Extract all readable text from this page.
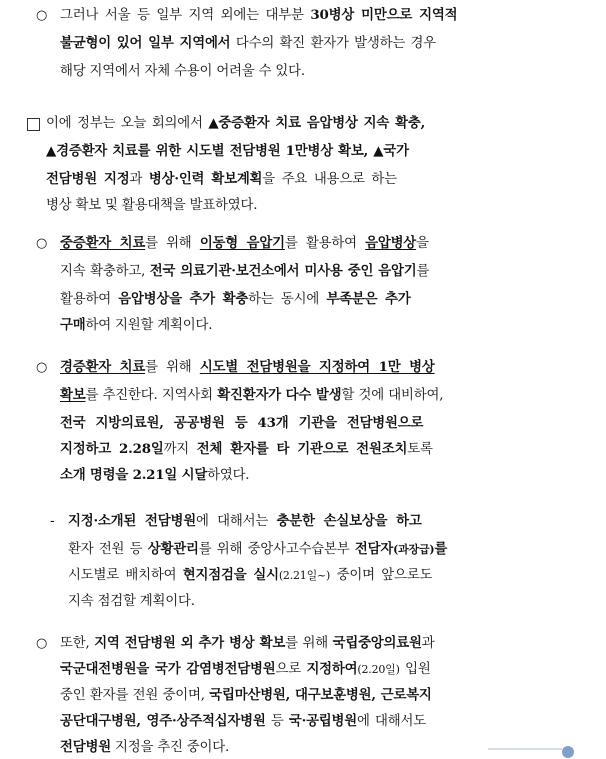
○ 그러나 서울 등 일부 지역 외에는 대부분 30병상 미만으로 지역적
불균형이 있어 일부 지역에서 다수의 확진 환자가 발생하는 경우
해당 지역에서 자체 수용이 어려울 수 있다.
이에 정부는 오늘 회의에서 ▲중증환자 치료 음압병상 지속 확충,
▲경증환자 치료를 위한 시도별 전담병원 1만병상 확보, ▲국가
전담병원 지정과 병상·인력 확보계획을 주요 내용으로 하는
병상 확보 및 활용대책을 발표하였다.
○ 중증환자 치료를 위해 이동형 음압기를 활용하여 음압병상을
지속 확충하고, 전국 의료기관·보건소에서 미사용 중인 음압기를
활용하여 음압병상을 추가 확충하는 동시에 부족분은 추가
구매하여 지원할 계획이다.
○ 경증환자 치료를 위해 시도별 전담병원을 지정하여 1만 병상
확보를 추진한다. 지역사회 확진환자가 다수 발생할 것에 대비하여,
전국 지방의료원, 공공병원 등 43개 기관을 전담병원으로
지정하고 2.28일까지 전체 환자를 타 기관으로 전원조치토록
소개 명령을 2.21일 시달하였다.
- 지정·소개된 전담병원에 대해서는 충분한 손실보상을 하고
환자 전원 등 상황관리를 위해 중앙사고수습본부 전담자(과장급)를
시도별로 배치하여 현지점검을 실시(2.21일~) 중이며 앞으로도
지속 점검할 계획이다.
○ 또한, 지역 전담병원 외 추가 병상 확보를 위해 국립중앙의료원과
국군대전병원을 국가 감염병전담병원으로 지정하여(2.20일) 입원
중인 환자를 전원 중이며, 국립마산병원, 대구보훈병원, 근로복지
공단대구병원, 영주·상주적십자병원 등 국·공립병원에 대해서도
전담병원 지정을 추진 중이다.
